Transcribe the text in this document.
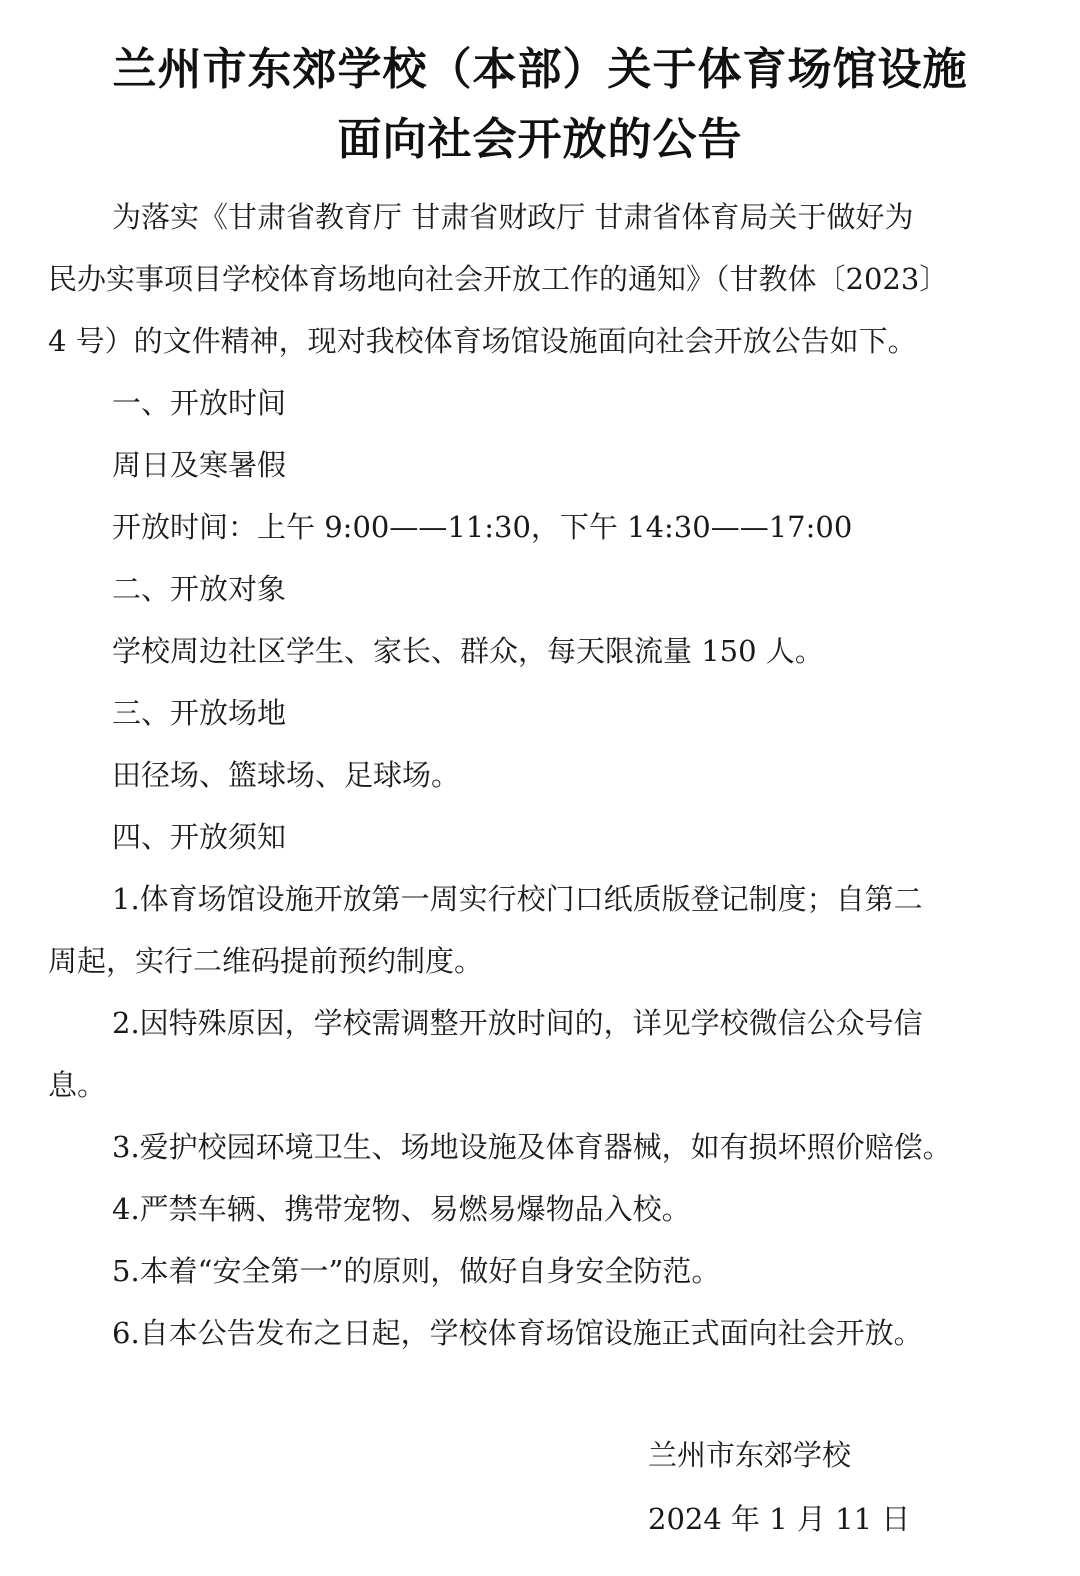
兰州市东郊学校（本部）关于体育场馆设施
面向社会开放的公告
为落实《甘肃省教育厅 甘肃省财政厅 甘肃省体育局关于做好为
民办实事项目学校体育场地向社会开放工作的通知》（甘教体〔2023〕
4 号）的文件精神，现对我校体育场馆设施面向社会开放公告如下。
一、开放时间
周日及寒暑假
开放时间：上午 9:00——11:30，下午 14:30——17:00
二、开放对象
学校周边社区学生、家长、群众，每天限流量 150 人。
三、开放场地
田径场、篮球场、足球场。
四、开放须知
1.体育场馆设施开放第一周实行校门口纸质版登记制度；自第二
周起，实行二维码提前预约制度。
2.因特殊原因，学校需调整开放时间的，详见学校微信公众号信
息。
3.爱护校园环境卫生、场地设施及体育器械，如有损坏照价赔偿。
4.严禁车辆、携带宠物、易燃易爆物品入校。
5.本着“安全第一”的原则，做好自身安全防范。
6.自本公告发布之日起，学校体育场馆设施正式面向社会开放。
兰州市东郊学校
2024 年 1 月 11 日
